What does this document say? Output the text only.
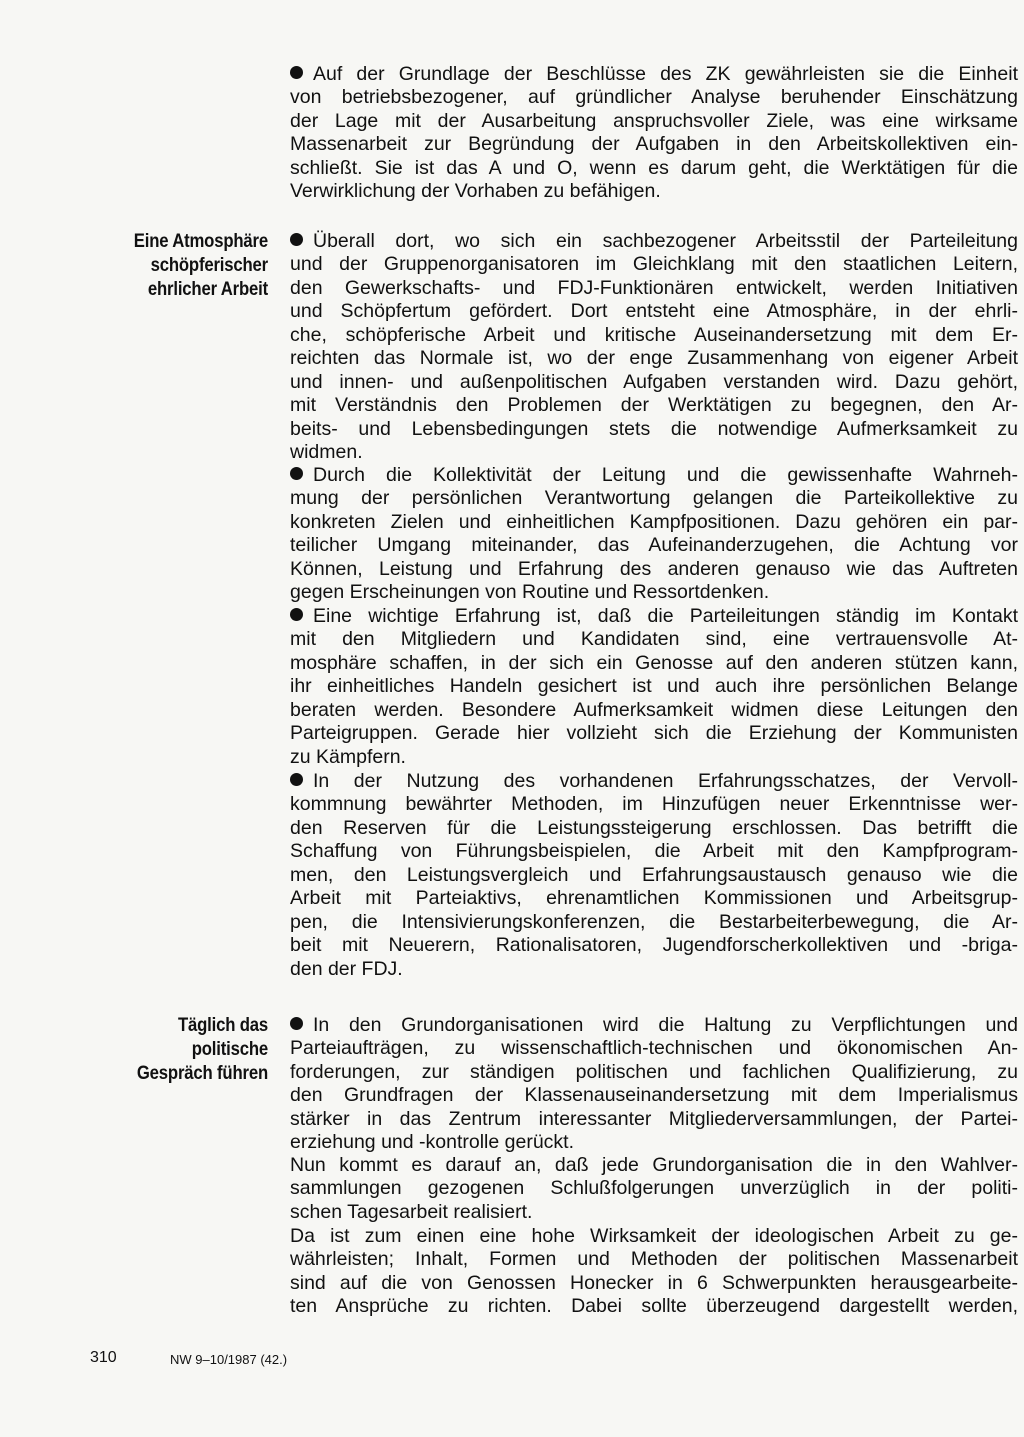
Eine Atmosphäre
schöpferischer
ehrlicher Arbeit
Täglich das
politische
Gespräch führen
Auf der Grundlage der Beschlüsse des ZK gewährleisten sie die Einheit
von betriebsbezogener, auf gründlicher Analyse beruhender Einschätzung
der Lage mit der Ausarbeitung anspruchsvoller Ziele, was eine wirksame
Massenarbeit zur Begründung der Aufgaben in den Arbeitskollektiven ein-
schließt. Sie ist das A und O, wenn es darum geht, die Werktätigen für die
Verwirklichung der Vorhaben zu befähigen.
Überall dort, wo sich ein sachbezogener Arbeitsstil der Parteileitung
und der Gruppenorganisatoren im Gleichklang mit den staatlichen Leitern,
den Gewerkschafts- und FDJ-Funktionären entwickelt, werden Initiativen
und Schöpfertum gefördert. Dort entsteht eine Atmosphäre, in der ehrli-
che, schöpferische Arbeit und kritische Auseinandersetzung mit dem Er-
reichten das Normale ist, wo der enge Zusammenhang von eigener Arbeit
und innen- und außenpolitischen Aufgaben verstanden wird. Dazu gehört,
mit Verständnis den Problemen der Werktätigen zu begegnen, den Ar-
beits- und Lebensbedingungen stets die notwendige Aufmerksamkeit zu
widmen.
Durch die Kollektivität der Leitung und die gewissenhafte Wahrneh-
mung der persönlichen Verantwortung gelangen die Parteikollektive zu
konkreten Zielen und einheitlichen Kampfpositionen. Dazu gehören ein par-
teilicher Umgang miteinander, das Aufeinanderzugehen, die Achtung vor
Können, Leistung und Erfahrung des anderen genauso wie das Auftreten
gegen Erscheinungen von Routine und Ressortdenken.
Eine wichtige Erfahrung ist, daß die Parteileitungen ständig im Kontakt
mit den Mitgliedern und Kandidaten sind, eine vertrauensvolle At-
mosphäre schaffen, in der sich ein Genosse auf den anderen stützen kann,
ihr einheitliches Handeln gesichert ist und auch ihre persönlichen Belange
beraten werden. Besondere Aufmerksamkeit widmen diese Leitungen den
Parteigruppen. Gerade hier vollzieht sich die Erziehung der Kommunisten
zu Kämpfern.
In der Nutzung des vorhandenen Erfahrungsschatzes, der Vervoll-
kommnung bewährter Methoden, im Hinzufügen neuer Erkenntnisse wer-
den Reserven für die Leistungssteigerung erschlossen. Das betrifft die
Schaffung von Führungsbeispielen, die Arbeit mit den Kampfprogram-
men, den Leistungsvergleich und Erfahrungsaustausch genauso wie die
Arbeit mit Parteiaktivs, ehrenamtlichen Kommissionen und Arbeitsgrup-
pen, die Intensivierungskonferenzen, die Bestarbeiterbewegung, die Ar-
beit mit Neuerern, Rationalisatoren, Jugendforscherkollektiven und -briga-
den der FDJ.
In den Grundorganisationen wird die Haltung zu Verpflichtungen und
Parteiaufträgen, zu wissenschaftlich-technischen und ökonomischen An-
forderungen, zur ständigen politischen und fachlichen Qualifizierung, zu
den Grundfragen der Klassenauseinandersetzung mit dem Imperialismus
stärker in das Zentrum interessanter Mitgliederversammlungen, der Partei-
erziehung und -kontrolle gerückt.
Nun kommt es darauf an, daß jede Grundorganisation die in den Wahlver-
sammlungen gezogenen Schlußfolgerungen unverzüglich in der politi-
schen Tagesarbeit realisiert.
Da ist zum einen eine hohe Wirksamkeit der ideologischen Arbeit zu ge-
währleisten; Inhalt, Formen und Methoden der politischen Massenarbeit
sind auf die von Genossen Honecker in 6 Schwerpunkten herausgearbeite-
ten Ansprüche zu richten. Dabei sollte überzeugend dargestellt werden,
310	NW 9–10/1987 (42.)
